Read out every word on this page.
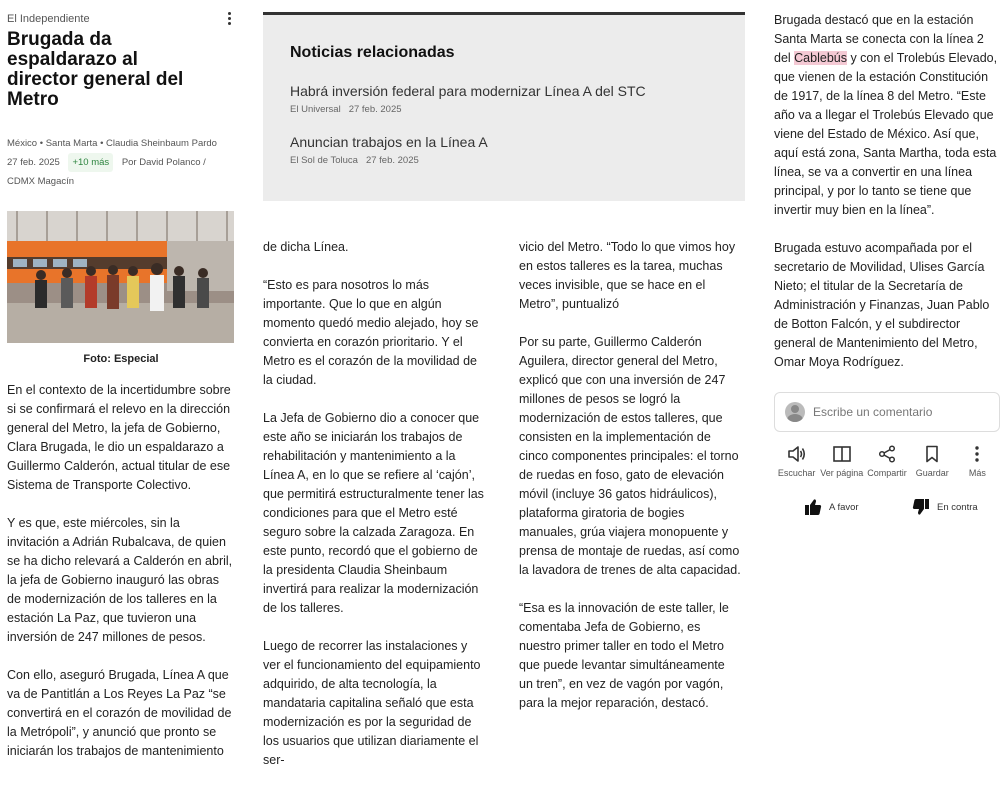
El Independiente
Brugada da espaldarazo al director general del Metro
México • Santa Marta • Claudia Sheinbaum Pardo
27 feb. 2025 +10 más Por David Polanco /
CDMX Magacín
Foto: Especial

En el contexto de la incertidumbre sobre si se confirmará el relevo en la dirección general del Metro, la jefa de Gobierno, Clara Brugada, le dio un espaldarazo a Guillermo Calderón, actual titular de ese Sistema de Transporte Colectivo.

Y es que, este miércoles, sin la invitación a Adrián Rubalcava, de quien se ha dicho relevará a Calderón en abril, la jefa de Gobierno inauguró las obras de modernización de los talleres en la estación La Paz, que tuvieron una inversión de 247 millones de pesos.

Con ello, aseguró Brugada, Línea A que va de Pantitlán a Los Reyes La Paz “se convertirá en el corazón de movilidad de la Metrópoli”, y anunció que pronto se iniciarán los trabajos de mantenimiento

Noticias relacionadas
Habrá inversión federal para modernizar Línea A del STC
El Universal 27 feb. 2025
Anuncian trabajos en la Línea A
El Sol de Toluca 27 feb. 2025

de dicha Línea.

“Esto es para nosotros lo más importante. Que lo que en algún momento quedó medio alejado, hoy se convierta en corazón prioritario. Y el Metro es el corazón de la movilidad de la ciudad.

La Jefa de Gobierno dio a conocer que este año se iniciarán los trabajos de rehabilitación y mantenimiento a la Línea A, en lo que se refiere al ‘cajón’, que permitirá estructuralmente tener las condiciones para que el Metro esté seguro sobre la calzada Zaragoza. En este punto, recordó que el gobierno de la presidenta Claudia Sheinbaum invertirá para realizar la modernización de los talleres.

Luego de recorrer las instalaciones y ver el funcionamiento del equipamiento adquirido, de alta tecnología, la mandataria capitalina señaló que esta modernización es por la seguridad de los usuarios que utilizan diariamente el ser-

vicio del Metro. “Todo lo que vimos hoy en estos talleres es la tarea, muchas veces invisible, que se hace en el Metro”, puntualizó

Por su parte, Guillermo Calderón Aguilera, director general del Metro, explicó que con una inversión de 247 millones de pesos se logró la modernización de estos talleres, que consisten en la implementación de cinco componentes principales: el torno de ruedas en foso, gato de elevación móvil (incluye 36 gatos hidráulicos), plataforma giratoria de bogies manuales, grúa viajera monopuente y prensa de montaje de ruedas, así como la lavadora de trenes de alta capacidad.

“Esa es la innovación de este taller, le comentaba Jefa de Gobierno, es nuestro primer taller en todo el Metro que puede levantar simultáneamente un tren”, en vez de vagón por vagón, para la mejor reparación, destacó.

Brugada destacó que en la estación Santa Marta se conecta con la línea 2 del Cablebús y con el Trolebús Elevado, que vienen de la estación Constitución de 1917, de la línea 8 del Metro. “Este año va a llegar el Trolebús Elevado que viene del Estado de México. Así que, aquí está zona, Santa Martha, toda esta línea, se va a convertir en una línea principal, y por lo tanto se tiene que invertir muy bien en la línea”.

Brugada estuvo acompañada por el secretario de Movilidad, Ulises García Nieto; el titular de la Secretaría de Administración y Finanzas, Juan Pablo de Botton Falcón, y el subdirector general de Mantenimiento del Metro, Omar Moya Rodríguez.

Escribe un comentario
Escuchar Ver página Compartir Guardar	Más
A favor	En contra
